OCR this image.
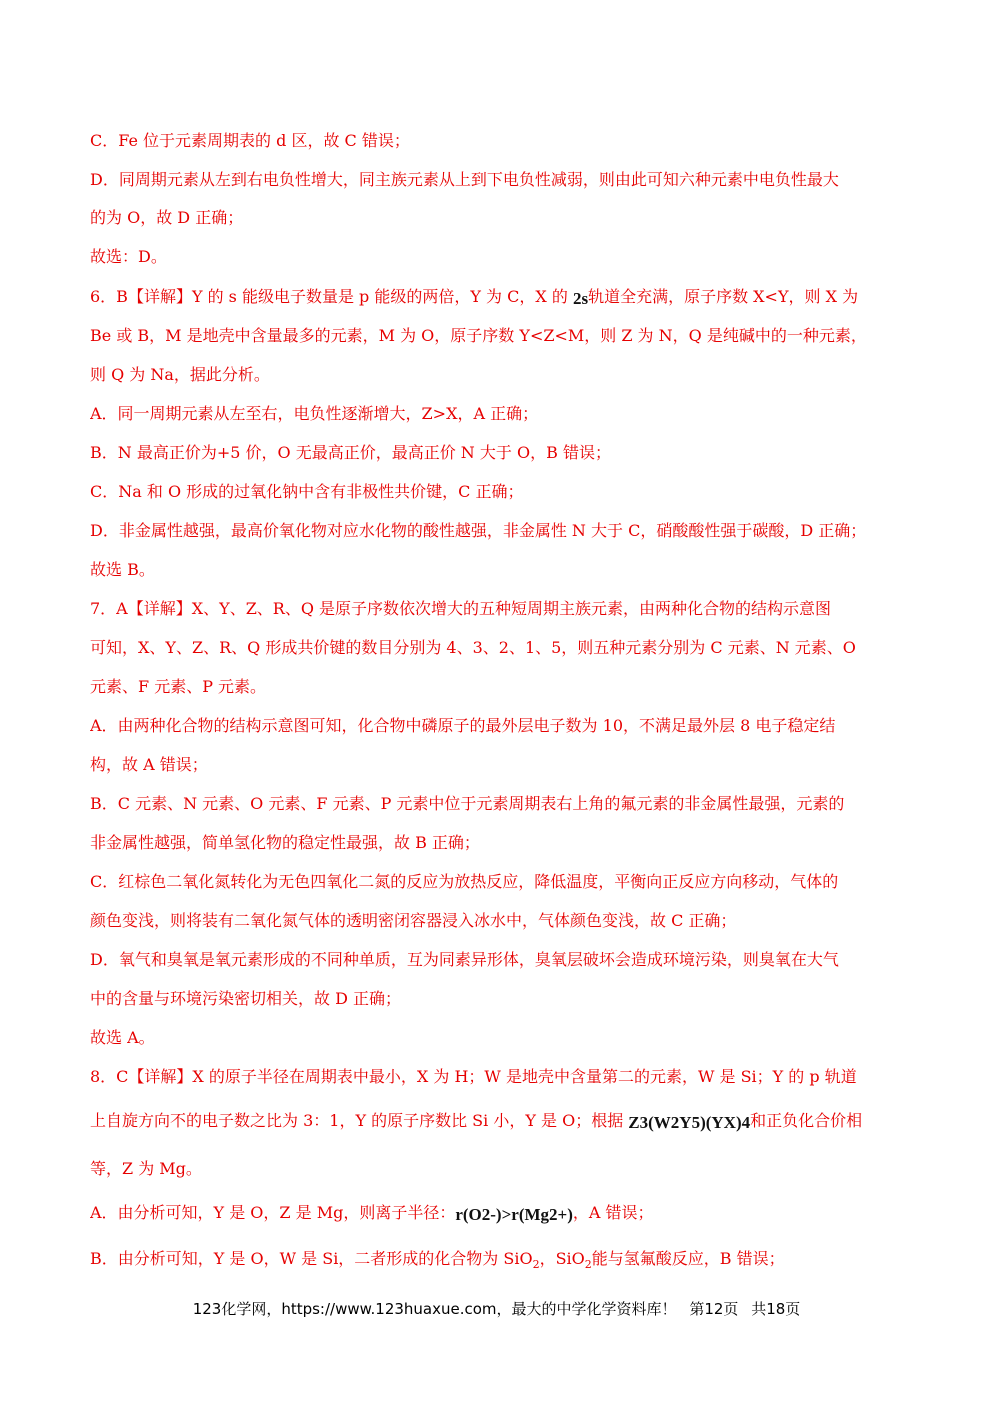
C．Fe 位于元素周期表的 d 区，故 C 错误；
D．同周期元素从左到右电负性增大，同主族元素从上到下电负性减弱，则由此可知六种元素中电负性最大
的为 O，故 D 正确；
故选：D。
6．B【详解】Y 的 s 能级电子数量是 p 能级的两倍，Y 为 C，X 的 2s轨道全充满，原子序数 X<Y，则 X 为
Be 或 B，M 是地壳中含量最多的元素，M 为 O，原子序数 Y<Z<M，则 Z 为 N，Q 是纯碱中的一种元素，
则 Q 为 Na，据此分析。
A．同一周期元素从左至右，电负性逐渐增大，Z>X，A 正确；
B．N 最高正价为+5 价，O 无最高正价，最高正价 N 大于 O，B 错误；
C．Na 和 O 形成的过氧化钠中含有非极性共价键，C 正确；
D．非金属性越强，最高价氧化物对应水化物的酸性越强，非金属性 N 大于 C，硝酸酸性强于碳酸，D 正确；
故选 B。
7．A【详解】X、Y、Z、R、Q 是原子序数依次增大的五种短周期主族元素，由两种化合物的结构示意图
可知，X、Y、Z、R、Q 形成共价键的数目分别为 4、3、2、1、5，则五种元素分别为 C 元素、N 元素、O
元素、F 元素、P 元素。
A．由两种化合物的结构示意图可知，化合物中磷原子的最外层电子数为 10，不满足最外层 8 电子稳定结
构，故 A 错误；
B．C 元素、N 元素、O 元素、F 元素、P 元素中位于元素周期表右上角的氟元素的非金属性最强，元素的
非金属性越强，简单氢化物的稳定性最强，故 B 正确；
C．红棕色二氧化氮转化为无色四氧化二氮的反应为放热反应，降低温度，平衡向正反应方向移动，气体的
颜色变浅，则将装有二氧化氮气体的透明密闭容器浸入冰水中，气体颜色变浅，故 C 正确；
D．氧气和臭氧是氧元素形成的不同种单质，互为同素异形体，臭氧层破坏会造成环境污染，则臭氧在大气
中的含量与环境污染密切相关，故 D 正确；
故选 A。
8．C【详解】X 的原子半径在周期表中最小，X 为 H；W 是地壳中含量第二的元素，W 是 Si；Y 的 p 轨道
上自旋方向不的电子数之比为 3：1，Y 的原子序数比 Si 小，Y 是 O；根据 Z3(W2Y5)(YX)4和正负化合价相
等，Z 为 Mg。
A．由分析可知，Y 是 O，Z 是 Mg，则离子半径：r(O2-)>r(Mg2+)，A 错误；
B．由分析可知，Y 是 O，W 是 Si，二者形成的化合物为 SiO$_2$，SiO$_2$能与氢氟酸反应，B 错误；
123化学网，https://www.123huaxue.com，最大的中学化学资料库！ 第12页 共18页
